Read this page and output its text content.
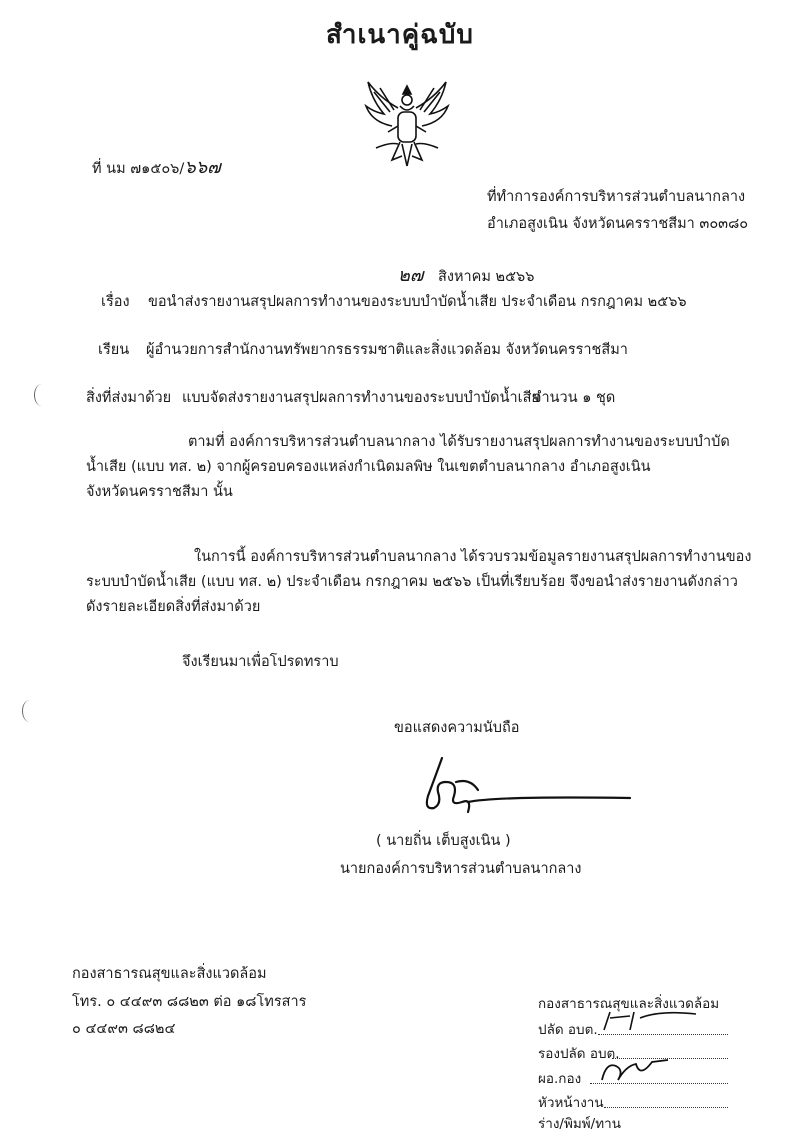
สำเนาคู่ฉบับ
ที่ นม ๗๑๕๐๖/๖๖๗
ที่ทำการองค์การบริหารส่วนตำบลนากลาง
อำเภอสูงเนิน จังหวัดนครราชสีมา ๓๐๓๘๐
๒๗ สิงหาคม ๒๕๖๖
เรื่อง ขอนำส่งรายงานสรุปผลการทำงานของระบบบำบัดน้ำเสีย ประจำเดือน กรกฎาคม ๒๕๖๖
เรียน ผู้อำนวยการสำนักงานทรัพยากรธรรมชาติและสิ่งแวดล้อม จังหวัดนครราชสีมา
สิ่งที่ส่งมาด้วย แบบจัดส่งรายงานสรุปผลการทำงานของระบบบำบัดน้ำเสีย
จำนวน ๑ ชุด
ตามที่ องค์การบริหารส่วนตำบลนากลาง ได้รับรายงานสรุปผลการทำงานของระบบบำบัด
น้ำเสีย (แบบ ทส. ๒) จากผู้ครอบครองแหล่งกำเนิดมลพิษ ในเขตตำบลนากลาง อำเภอสูงเนิน
จังหวัดนครราชสีมา นั้น
ในการนี้ องค์การบริหารส่วนตำบลนากลาง ได้รวบรวมข้อมูลรายงานสรุปผลการทำงานของ
ระบบบำบัดน้ำเสีย (แบบ ทส. ๒) ประจำเดือน กรกฎาคม ๒๕๖๖ เป็นที่เรียบร้อย จึงขอนำส่งรายงานดังกล่าว
ดังรายละเอียดสิ่งที่ส่งมาด้วย
จึงเรียนมาเพื่อโปรดทราบ
ขอแสดงความนับถือ
( นายถิ่น เต็บสูงเนิน )
นายกองค์การบริหารส่วนตำบลนากลาง
กองสาธารณสุขและสิ่งแวดล้อม
โทร. ๐ ๔๔๙๓ ๘๘๒๓ ต่อ ๑๘โทรสาร
๐ ๔๔๙๓ ๘๘๒๔
กองสาธารณสุขและสิ่งแวดล้อม
ปลัด อบต.
รองปลัด อบต.
ผอ.กอง
หัวหน้างาน
ร่าง/พิมพ์/ทาน
